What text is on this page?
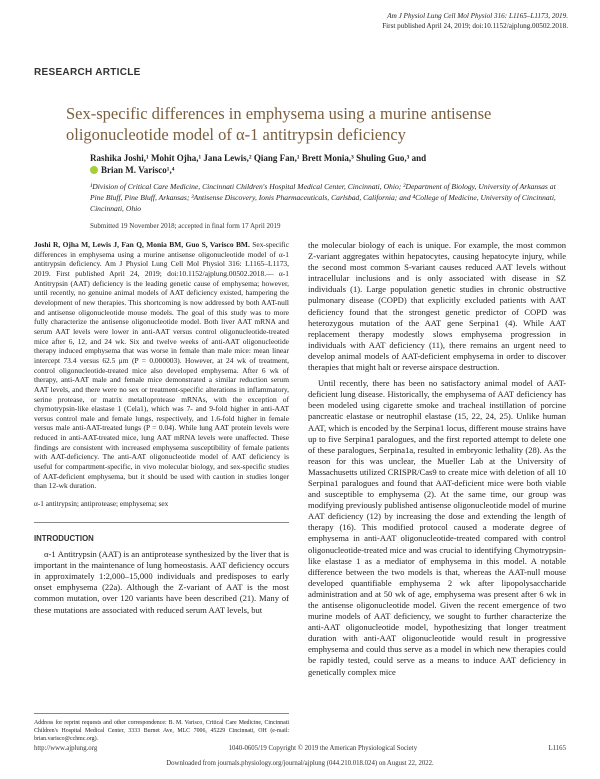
Am J Physiol Lung Cell Mol Physiol 316: L1165–L1173, 2019.
First published April 24, 2019; doi:10.1152/ajplung.00502.2018.
RESEARCH ARTICLE
Sex-specific differences in emphysema using a murine antisense oligonucleotide model of α-1 antitrypsin deficiency
Rashika Joshi,¹ Mohit Ojha,¹ Jana Lewis,² Qiang Fan,¹ Brett Monia,³ Shuling Guo,³ and
Brian M. Varisco¹,⁴
¹Division of Critical Care Medicine, Cincinnati Children's Hospital Medical Center, Cincinnati, Ohio; ²Department of Biology, University of Arkansas at Pine Bluff, Pine Bluff, Arkansas; ³Antisense Discovery, Ionis Pharmaceuticals, Carlsbad, California; and ⁴College of Medicine, University of Cincinnati, Cincinnati, Ohio
Submitted 19 November 2018; accepted in final form 17 April 2019
Joshi R, Ojha M, Lewis J, Fan Q, Monia BM, Guo S, Varisco BM. Sex-specific differences in emphysema using a murine antisense oligonucleotide model of α-1 antitrypsin deficiency. Am J Physiol Lung Cell Mol Physiol 316: L1165–L1173, 2019. First published April 24, 2019; doi:10.1152/ajplung.00502.2018.— α-1 Antitrypsin (AAT) deficiency is the leading genetic cause of emphysema; however, until recently, no genuine animal models of AAT deficiency existed, hampering the development of new therapies. This shortcoming is now addressed by both AAT-null and antisense oligonucleotide mouse models. The goal of this study was to more fully characterize the antisense oligonucleotide model. Both liver AAT mRNA and serum AAT levels were lower in anti-AAT versus control oligonucleotide-treated mice after 6, 12, and 24 wk. Six and twelve weeks of anti-AAT oligonucleotide therapy induced emphysema that was worse in female than male mice: mean linear intercept 73.4 versus 62.5 μm (P = 0.000003). However, at 24 wk of treatment, control oligonucleotide-treated mice also developed emphysema. After 6 wk of therapy, anti-AAT male and female mice demonstrated a similar reduction serum AAT levels, and there were no sex or treatment-specific alterations in inflammatory, serine protease, or matrix metalloprotease mRNAs, with the exception of chymotrypsin-like elastase 1 (Cela1), which was 7- and 9-fold higher in anti-AAT versus control male and female lungs, respectively, and 1.6-fold higher in female versus male anti-AAT-treated lungs (P = 0.04). While lung AAT protein levels were reduced in anti-AAT-treated mice, lung AAT mRNA levels were unaffected. These findings are consistent with increased emphysema susceptibility of female patients with AAT-deficiency. The anti-AAT oligonucleotide model of AAT deficiency is useful for compartment-specific, in vivo molecular biology, and sex-specific studies of AAT-deficient emphysema, but it should be used with caution in studies longer than 12-wk duration.
α-1 antitrypsin; antiprotease; emphysema; sex
INTRODUCTION

α-1 Antitrypsin (AAT) is an antiprotease synthesized by the liver that is important in the maintenance of lung homeostasis. AAT deficiency occurs in approximately 1:2,000–15,000 individuals and predisposes to early onset emphysema (22a). Although the Z-variant of AAT is the most common mutation, over 120 variants have been described (21). Many of these mutations are associated with reduced serum AAT levels, but

the molecular biology of each is unique. For example, the most common Z-variant aggregates within hepatocytes, causing hepatocyte injury, while the second most common S-variant causes reduced AAT levels without intracellular inclusions and is only associated with disease in SZ individuals (1). Large population genetic studies in chronic obstructive pulmonary disease (COPD) that explicitly excluded patients with AAT deficiency found that the strongest genetic predictor of COPD was heterozygous mutation of the AAT gene Serpina1 (4). While AAT replacement therapy modestly slows emphysema progression in individuals with AAT deficiency (11), there remains an urgent need to develop animal models of AAT-deficient emphysema in order to discover therapies that might halt or reverse airspace destruction.

Until recently, there has been no satisfactory animal model of AAT-deficient lung disease. Historically, the emphysema of AAT deficiency has been modeled using cigarette smoke and tracheal instillation of porcine pancreatic elastase or neutrophil elastase (15, 22, 24, 25). Unlike human AAT, which is encoded by the Serpina1 locus, different mouse strains have up to five Serpina1 paralogues, and the first reported attempt to delete one of these paralogues, Serpina1a, resulted in embryonic lethality (28). As the reason for this was unclear, the Mueller Lab at the University of Massachusetts utilized CRISPR/Cas9 to create mice with deletion of all 10 Serpina1 paralogues and found that AAT-deficient mice were both viable and susceptible to emphysema (2). At the same time, our group was modifying previously published antisense oligonucleotide model of murine AAT deficiency (12) by increasing the dose and extending the length of therapy (16). This modified protocol caused a moderate degree of emphysema in anti-AAT oligonucleotide-treated compared with control oligonucleotide-treated mice and was crucial to identifying Chymotrypsin-like elastase 1 as a mediator of emphysema in this model. A notable difference between the two models is that, whereas the AAT-null mouse developed quantifiable emphysema 2 wk after lipopolysaccharide administration and at 50 wk of age, emphysema was present after 6 wk in the antisense oligonucleotide model. Given the recent emergence of two murine models of AAT deficiency, we sought to further characterize the anti-AAT oligonucleotide model, hypothesizing that longer treatment duration with anti-AAT oligonucleotide would result in progressive emphysema and could thus serve as a model in which new therapies could be rapidly tested, could serve as a means to induce AAT deficiency in genetically complex mice

Address for reprint requests and other correspondence: B. M. Varisco, Critical Care Medicine, Cincinnati Children's Hospital Medical Center, 3333 Burnet Ave, MLC 7006, 45229 Cincinnati, OH (e-mail: brian.varisco@cchmc.org).
http://www.ajplung.org	1040-0605/19 Copyright © 2019 the American Physiological Society	L1165
Downloaded from journals.physiology.org/journal/ajplung (044.210.018.024) on August 22, 2022.
